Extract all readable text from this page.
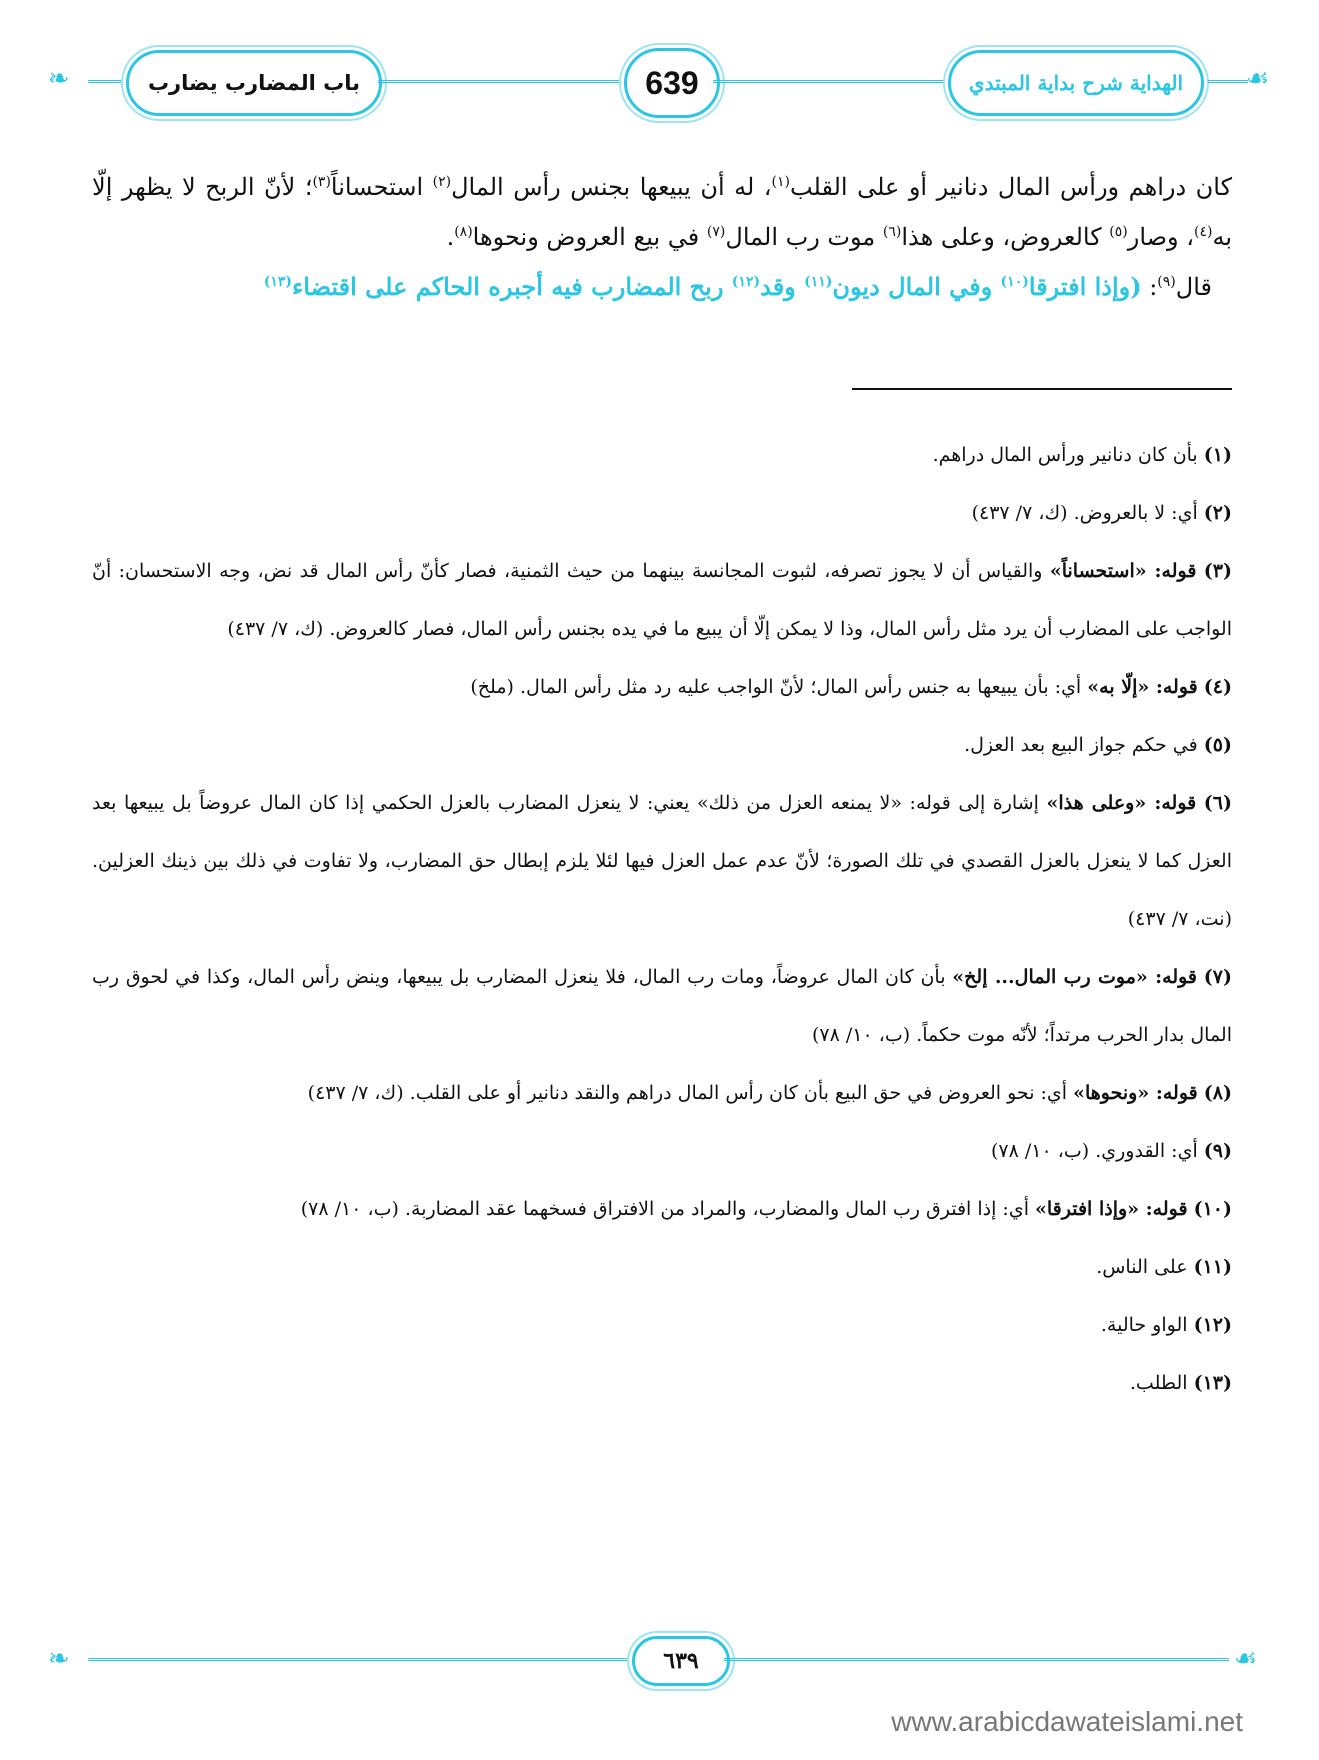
❧	باب المضارب يضارب	639	الهداية شرح بداية المبتدي ☙

كان دراهم ورأس المال دنانير أو على القلب$^{(١)}$، له أن يبيعها بجنس رأس المال$^{(٢)}$ استحساناً$^{(٣)}$؛ لأنّ الربح لا يظهر إلّا به$^{(٤)}$، وصار$^{(٥)}$ كالعروض، وعلى هذا$^{(٦)}$ موت رب المال$^{(٧)}$ في بيع العروض ونحوها$^{(٨)}$.

قال$^{(٩)}$: (وإذا افترقا$^{(١٠)}$ وفي المال ديون$^{(١١)}$ وقد$^{(١٢)}$ ربح المضارب فيه أجبره الحاكم على اقتضاء$^{(١٣)}$

(١) بأن كان دنانير ورأس المال دراهم.

(٢) أي: لا بالعروض. (ك، ٧/ ٤٣٧)

(٣) قوله: «استحساناً» والقياس أن لا يجوز تصرفه، لثبوت المجانسة بينهما من حيث الثمنية، فصار كأنّ رأس المال قد نض، وجه الاستحسان: أنّ الواجب على المضارب أن يرد مثل رأس المال، وذا لا يمكن إلّا أن يبيع ما في يده بجنس رأس المال، فصار كالعروض. (ك، ٧/ ٤٣٧)

(٤) قوله: «إلّا به» أي: بأن يبيعها به جنس رأس المال؛ لأنّ الواجب عليه رد مثل رأس المال. (ملخ)

(٥) في حكم جواز البيع بعد العزل.

(٦) قوله: «وعلى هذا» إشارة إلى قوله: «لا يمنعه العزل من ذلك» يعني: لا ينعزل المضارب بالعزل الحكمي إذا كان المال عروضاً بل يبيعها بعد العزل كما لا ينعزل بالعزل القصدي في تلك الصورة؛ لأنّ عدم عمل العزل فيها لئلا يلزم إبطال حق المضارب، ولا تفاوت في ذلك بين ذينك العزلين. (نت، ٧/ ٤٣٧)

(٧) قوله: «موت رب المال... إلخ» بأن كان المال عروضاً، ومات رب المال، فلا ينعزل المضارب بل يبيعها، وينض رأس المال، وكذا في لحوق رب المال بدار الحرب مرتداً؛ لأنّه موت حكماً. (ب، ١٠/ ٧٨)

(٨) قوله: «ونحوها» أي: نحو العروض في حق البيع بأن كان رأس المال دراهم والنقد دنانير أو على القلب. (ك، ٧/ ٤٣٧)

(٩) أي: القدوري. (ب، ١٠/ ٧٨)

(١٠) قوله: «وإذا افترقا» أي: إذا افترق رب المال والمضارب، والمراد من الافتراق فسخهما عقد المضاربة. (ب، ١٠/ ٧٨)

(١١) على الناس.

(١٢) الواو حالية.

(١٣) الطلب.

❧	٦٣٩	☙
www.arabicdawateislami.net
